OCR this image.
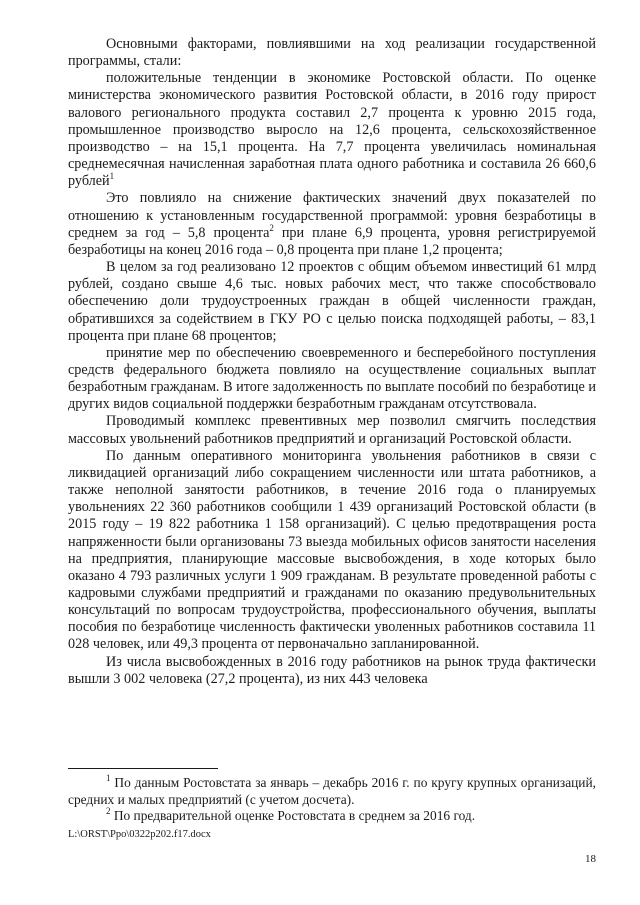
Основными факторами, повлиявшими на ход реализации государственной программы, стали:

положительные тенденции в экономике Ростовской области. По оценке министерства экономического развития Ростовской области, в 2016 году прирост валового регионального продукта составил 2,7 процента к уровню 2015 года, промышленное производство выросло на 12,6 процента, сельскохозяйственное производство – на 15,1 процента. На 7,7 процента увеличилась номинальная среднемесячная начисленная заработная плата одного работника и составила 26 660,6 рублей$^1$

Это повлияло на снижение фактических значений двух показателей по отношению к установленным государственной программой: уровня безработицы в среднем за год – 5,8 процента$^2$ при плане 6,9 процента, уровня регистрируемой безработицы на конец 2016 года – 0,8 процента при плане 1,2 процента;

В целом за год реализовано 12 проектов с общим объемом инвестиций 61 млрд рублей, создано свыше 4,6 тыс. новых рабочих мест, что также способствовало обеспечению доли трудоустроенных граждан в общей численности граждан, обратившихся за содействием в ГКУ РО с целью поиска подходящей работы, – 83,1 процента при плане 68 процентов;

принятие мер по обеспечению своевременного и бесперебойного поступления средств федерального бюджета повлияло на осуществление социальных выплат безработным гражданам. В итоге задолженность по выплате пособий по безработице и других видов социальной поддержки безработным гражданам отсутствовала.

Проводимый комплекс превентивных мер позволил смягчить последствия массовых увольнений работников предприятий и организаций Ростовской области.

По данным оперативного мониторинга увольнения работников в связи с ликвидацией организаций либо сокращением численности или штата работников, а также неполной занятости работников, в течение 2016 года о планируемых увольнениях 22 360 работников сообщили 1 439 организаций Ростовской области (в 2015 году – 19 822 работника 1 158 организаций). С целью предотвращения роста напряженности были организованы 73 выезда мобильных офисов занятости населения на предприятия, планирующие массовые высвобождения, в ходе которых было оказано 4 793 различных услуги 1 909 гражданам. В результате проведенной работы с кадровыми службами предприятий и гражданами по оказанию предувольнительных консультаций по вопросам трудоустройства, профессионального обучения, выплаты пособия по безработице численность фактически уволенных работников составила 11 028 человек, или 49,3 процента от первоначально запланированной.

Из числа высвобожденных в 2016 году работников на рынок труда фактически вышли 3 002 человека (27,2 процента), из них 443 человека

$^1$ По данным Ростовстата за январь – декабрь 2016 г. по кругу крупных организаций, средних и малых предприятий (с учетом досчета).

$^2$ По предварительной оценке Ростовстата в среднем за 2016 год.

L:\ORST\Ppo\0322p202.f17.docx
18
